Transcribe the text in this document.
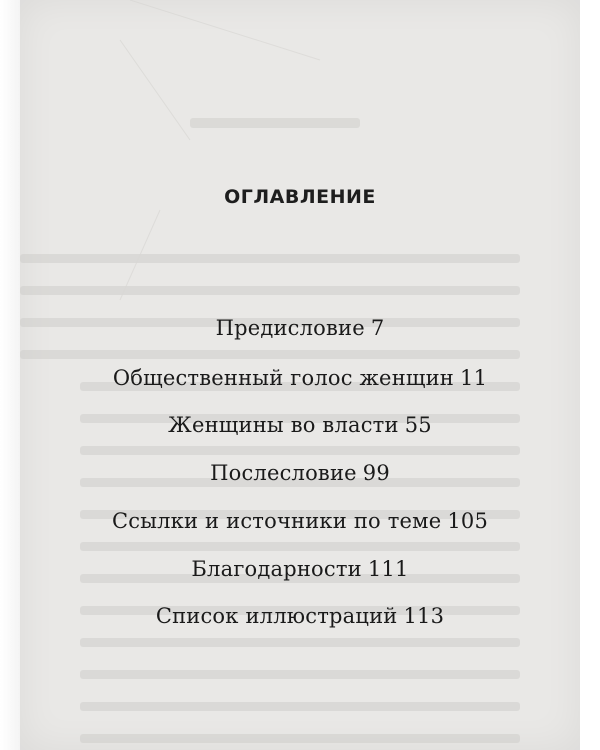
ОГЛАВЛЕНИЕ
Предисловие 7
Общественный голос женщин 11
Женщины во власти 55
Послесловие 99
Ссылки и источники по теме 105
Благодарности 111
Список иллюстраций 113
